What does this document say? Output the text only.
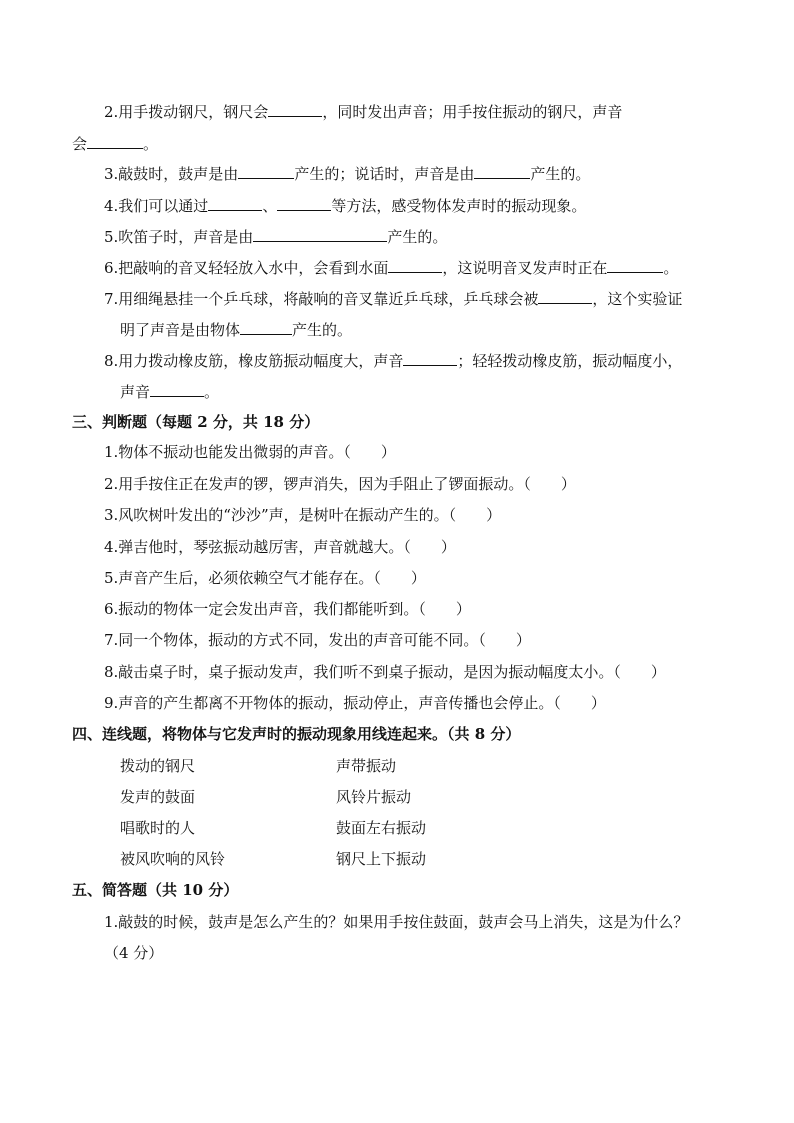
2.用手拨动钢尺，钢尺会	，同时发出声音；用手按住振动的钢尺，声音
会	。
3.敲鼓时，鼓声是由	产生的；说话时，声音是由	产生的。
4.我们可以通过	、	等方法，感受物体发声时的振动现象。
5.吹笛子时，声音是由	产生的。
6.把敲响的音叉轻轻放入水中，会看到水面	，这说明音叉发声时正在	。
7.用细绳悬挂一个乒乓球，将敲响的音叉靠近乒乓球，乒乓球会被	，这个实验证
明了声音是由物体	产生的。
8.用力拨动橡皮筋，橡皮筋振动幅度大，声音	；轻轻拨动橡皮筋，振动幅度小，
声音	。
三、判断题（每题 2 分，共 18 分）
1.物体不振动也能发出微弱的声音。（ ）
2.用手按住正在发声的锣，锣声消失，因为手阻止了锣面振动。（ ）
3.风吹树叶发出的“沙沙”声，是树叶在振动产生的。（ ）
4.弹吉他时，琴弦振动越厉害，声音就越大。（ ）
5.声音产生后，必须依赖空气才能存在。（ ）
6.振动的物体一定会发出声音，我们都能听到。（ ）
7.同一个物体，振动的方式不同，发出的声音可能不同。（ ）
8.敲击桌子时，桌子振动发声，我们听不到桌子振动，是因为振动幅度太小。（ ）
9.声音的产生都离不开物体的振动，振动停止，声音传播也会停止。（ ）
四、连线题，将物体与它发声时的振动现象用线连起来。（共 8 分）
拨动的钢尺	声带振动
发声的鼓面	风铃片振动
唱歌时的人	鼓面左右振动
被风吹响的风铃	钢尺上下振动
五、简答题（共 10 分）
1.敲鼓的时候，鼓声是怎么产生的？如果用手按住鼓面，鼓声会马上消失，这是为什么？
（4 分）
